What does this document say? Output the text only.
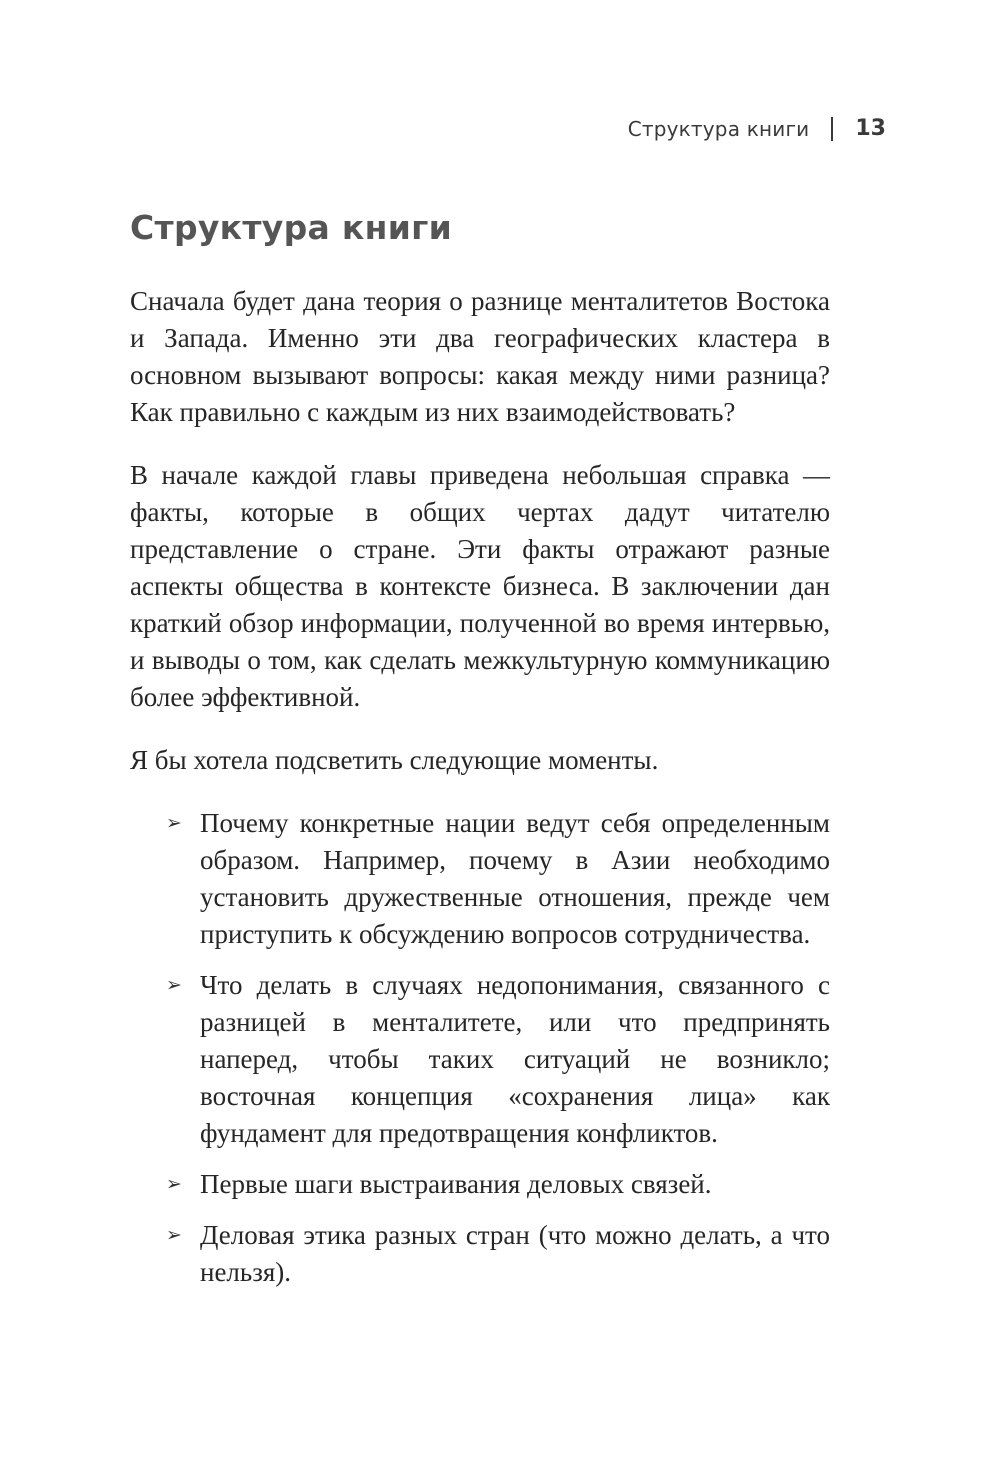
Структура книги 13
Структура книги

Сначала будет дана теория о разнице менталитетов Востока и Запада. Именно эти два географических кластера в основном вызывают вопросы: какая между ними разница? Как правильно с каждым из них взаимодействовать?

В начале каждой главы приведена небольшая справка — факты, которые в общих чертах дадут читателю представление о стране. Эти факты отражают разные аспекты общества в контексте бизнеса. В заключении дан краткий обзор информации, полученной во время интервью, и выводы о том, как сделать межкультурную коммуникацию более эффективной.

Я бы хотела подсветить следующие моменты.

➢ Почему конкретные нации ведут себя определенным образом. Например, почему в Азии необходимо установить дружественные отношения, прежде чем приступить к обсуждению вопросов сотрудничества.
➢ Что делать в случаях недопонимания, связанного с разницей в менталитете, или что предпринять наперед, чтобы таких ситуаций не возникло; восточная концепция «сохранения лица» как фундамент для предотвращения конфликтов.
➢ Первые шаги выстраивания деловых связей.
➢ Деловая этика разных стран (что можно делать, а что нельзя).
